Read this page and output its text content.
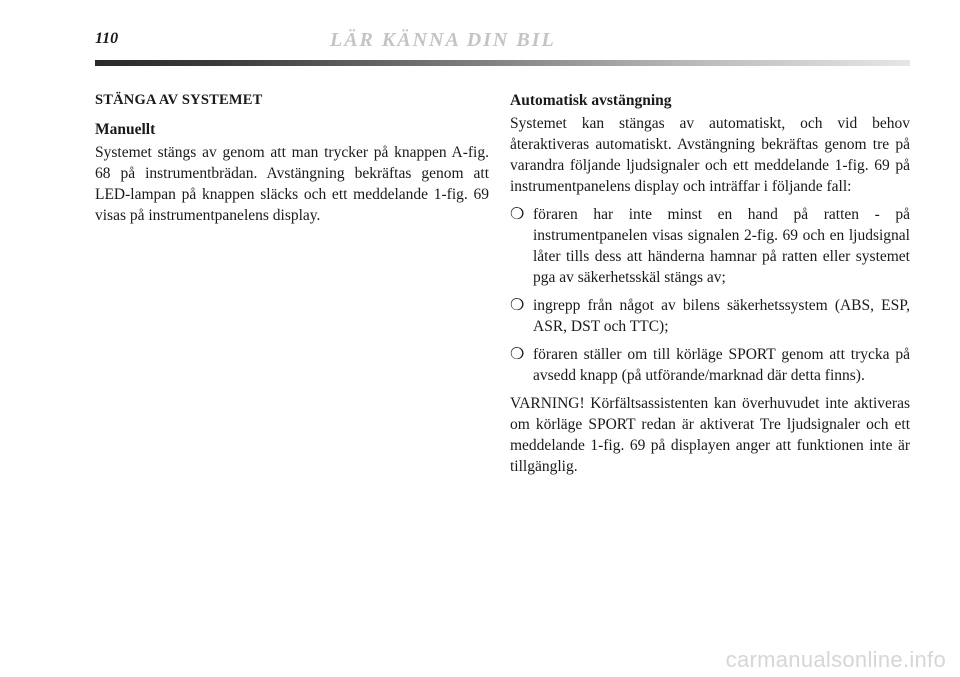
110	LÄR KÄNNA DIN BIL
STÄNGA AV SYSTEMET
Manuellt

Systemet stängs av genom att man trycker på knappen A-fig. 68 på instrumentbrädan. Avstängning bekräftas genom att LED-lampan på knappen släcks och ett meddelande 1-fig. 69 visas på instrumentpanelens display.

Automatisk avstängning

Systemet kan stängas av automatiskt, och vid behov återaktiveras automatiskt. Avstängning bekräftas genom tre på varandra följande ljudsignaler och ett meddelande 1-fig. 69 på instrumentpanelens display och inträffar i följande fall:

❍ föraren har inte minst en hand på ratten - på instrumentpanelen visas signalen 2-fig. 69 och en ljudsignal låter tills dess att händerna hamnar på ratten eller systemet pga av säkerhetsskäl stängs av;
❍ ingrepp från något av bilens säkerhetssystem (ABS, ESP, ASR, DST och TTC);
❍ föraren ställer om till körläge SPORT genom att trycka på avsedd knapp (på utförande/marknad där detta finns).

VARNING! Körfältsassistenten kan överhuvudet inte aktiveras om körläge SPORT redan är aktiverat Tre ljudsignaler och ett meddelande 1-fig. 69 på displayen anger att funktionen inte är tillgänglig.

carmanualsonline.info
